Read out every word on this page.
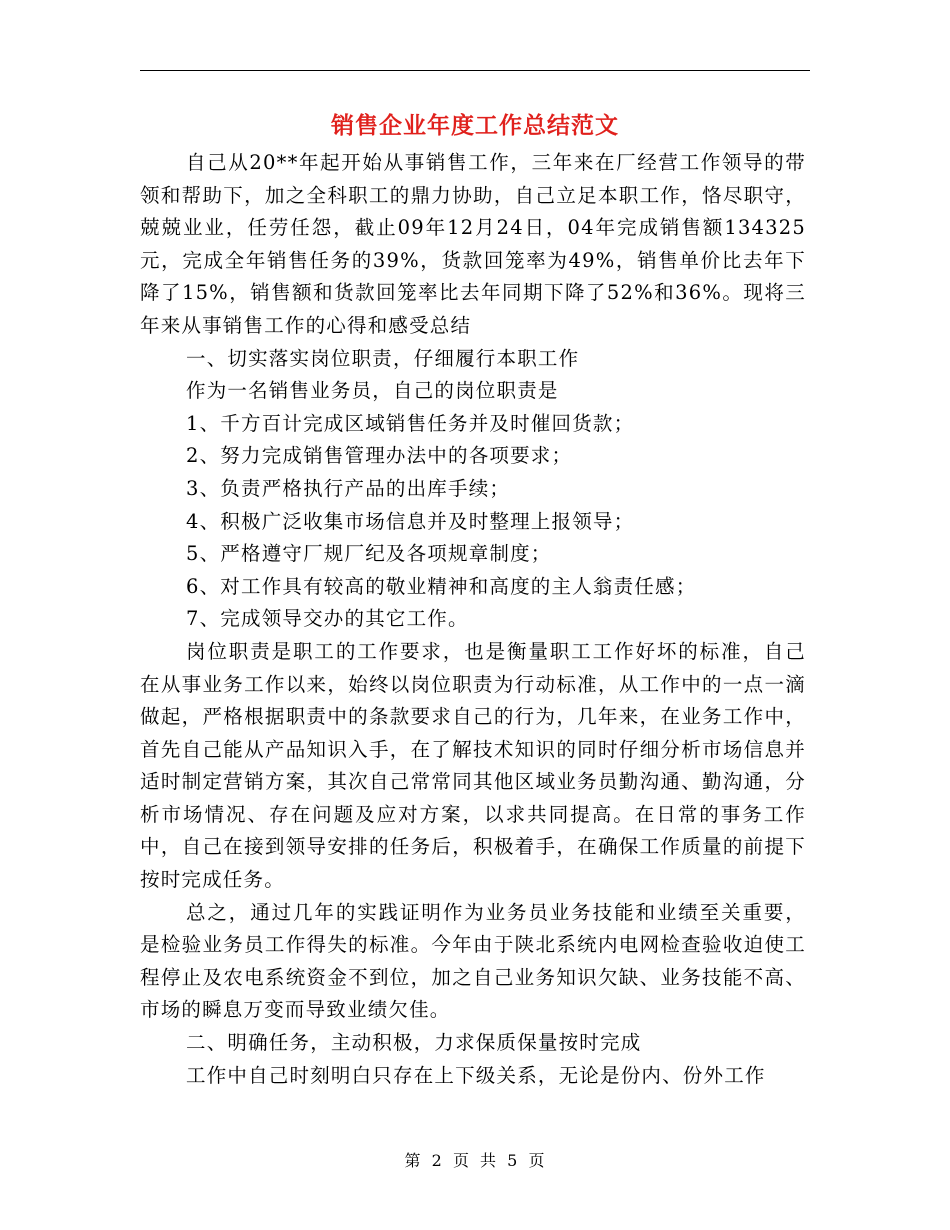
销售企业年度工作总结范文

自己从20**年起开始从事销售工作，三年来在厂经营工作领导的带领和帮助下，加之全科职工的鼎力协助，自己立足本职工作，恪尽职守，兢兢业业，任劳任怨，截止09年12月24日，04年完成销售额134325元，完成全年销售任务的39%，货款回笼率为49%，销售单价比去年下降了15%，销售额和货款回笼率比去年同期下降了52%和36%。现将三年来从事销售工作的心得和感受总结

一、切实落实岗位职责，仔细履行本职工作

作为一名销售业务员，自己的岗位职责是

1、千方百计完成区域销售任务并及时催回货款；

2、努力完成销售管理办法中的各项要求；

3、负责严格执行产品的出库手续；

4、积极广泛收集市场信息并及时整理上报领导；

5、严格遵守厂规厂纪及各项规章制度；

6、对工作具有较高的敬业精神和高度的主人翁责任感；

7、完成领导交办的其它工作。

岗位职责是职工的工作要求，也是衡量职工工作好坏的标准，自己在从事业务工作以来，始终以岗位职责为行动标准，从工作中的一点一滴做起，严格根据职责中的条款要求自己的行为，几年来，在业务工作中，首先自己能从产品知识入手，在了解技术知识的同时仔细分析市场信息并适时制定营销方案，其次自己常常同其他区域业务员勤沟通、勤沟通，分析市场情况、存在问题及应对方案，以求共同提高。在日常的事务工作中，自己在接到领导安排的任务后，积极着手，在确保工作质量的前提下按时完成任务。

总之，通过几年的实践证明作为业务员业务技能和业绩至关重要，是检验业务员工作得失的标准。今年由于陕北系统内电网检查验收迫使工程停止及农电系统资金不到位，加之自己业务知识欠缺、业务技能不高、市场的瞬息万变而导致业绩欠佳。

二、明确任务，主动积极，力求保质保量按时完成

工作中自己时刻明白只存在上下级关系，无论是份内、份外工作

第 2 页 共 5 页
